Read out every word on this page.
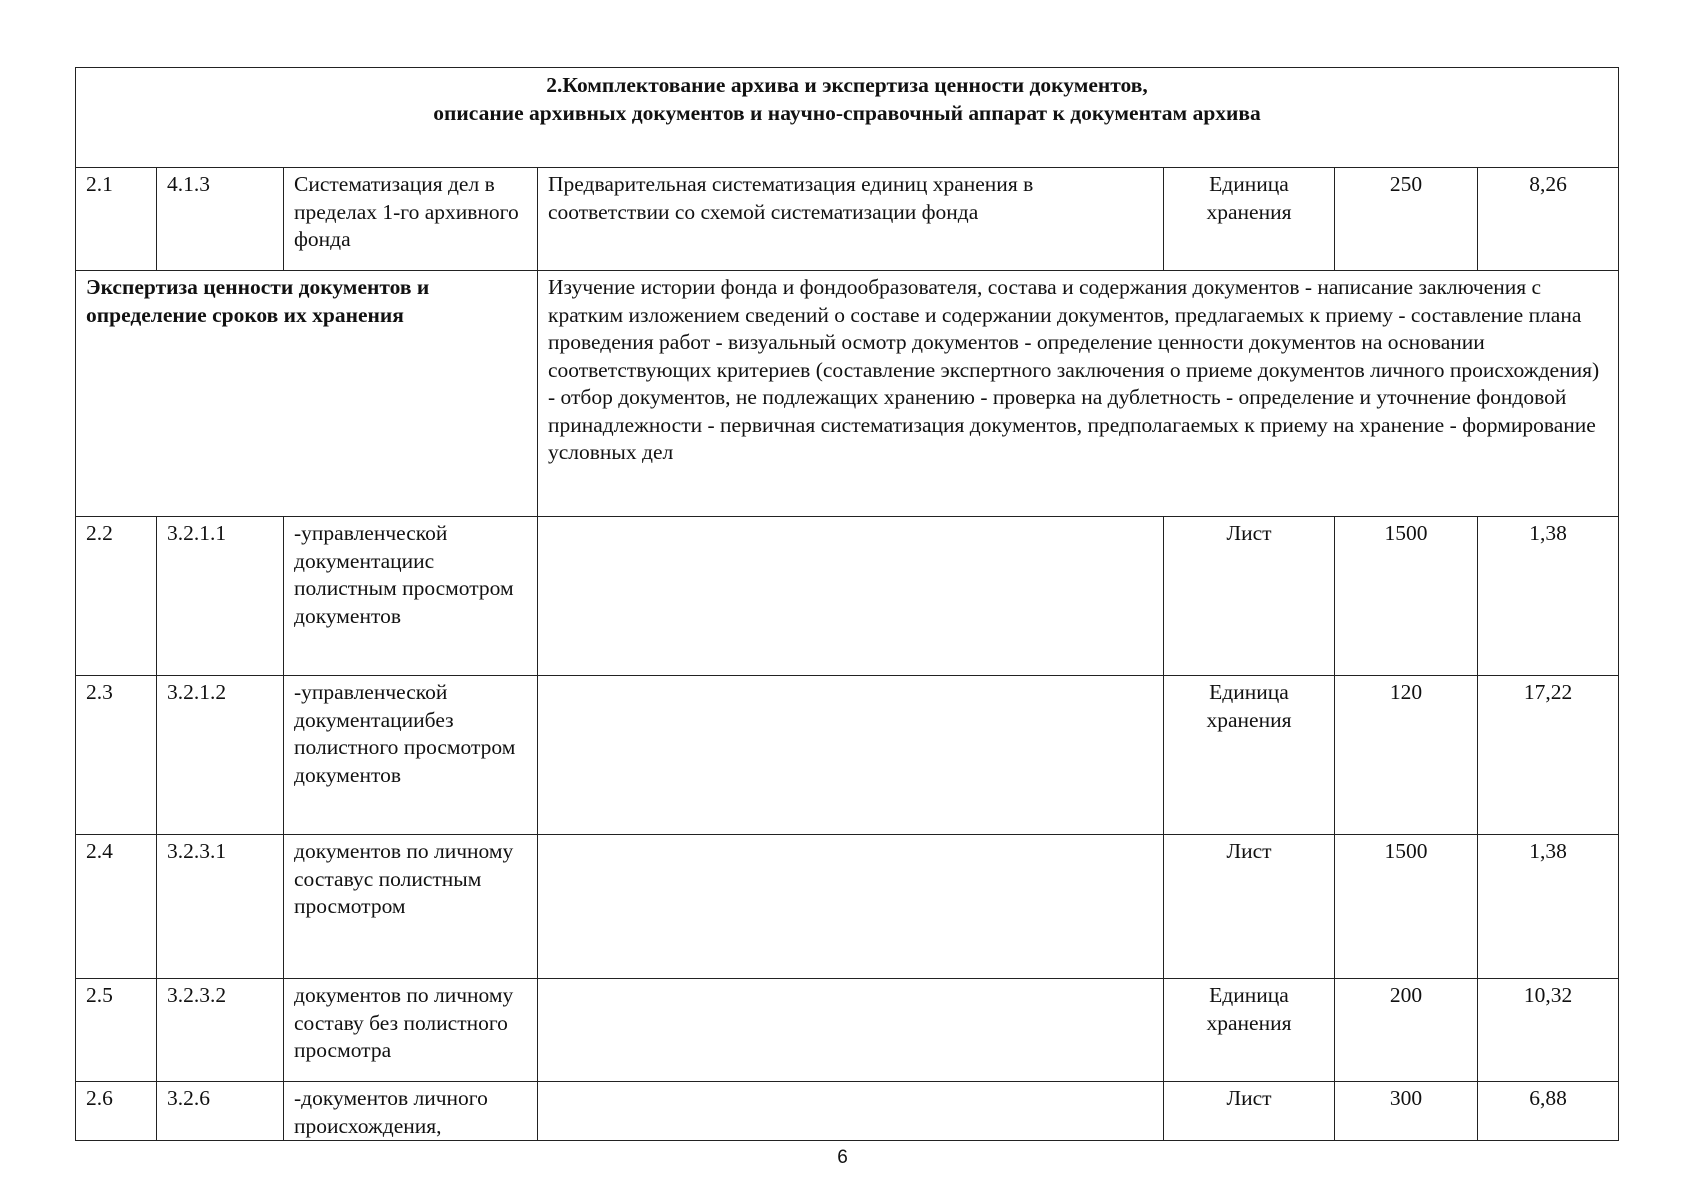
2.Комплектование архива и экспертиза ценности документов,
описание архивных документов и научно-справочный аппарат к документам архива						

2.1	4.1.3	Систематизация дел в пределах 1-го архивного фонда	Предварительная систематизация единиц хранения в соответствии со схемой систематизации фонда	Единица хранения	250	8,26
Экспертиза ценности документов и определение сроков их хранения			Изучение истории фонда и фондообразователя, состава и содержания документов - написание заключения с кратким изложением сведений о составе и содержании документов, предлагаемых к приему - составление плана проведения работ - визуальный осмотр документов - определение ценности документов на основании соответствующих критериев (составление экспертного заключения о приеме документов личного происхождения) - отбор документов, не подлежащих хранению - проверка на дублетность - определение и уточнение фондовой принадлежности - первичная систематизация документов, предполагаемых к приему на хранение - формирование условных дел			
2.2	3.2.1.1	-управленческой документацииc полистным просмотром документов		Лист	1500	1,38
2.3	3.2.1.2	-управленческой документациибез полистного просмотром документов		Единица хранения	120	17,22
2.4	3.2.3.1	документов по личному составуc полистным просмотром		Лист	1500	1,38
2.5	3.2.3.2	документов по личному составу без полистного просмотра		Единица хранения	200	10,32
2.6	3.2.6	-документов личного происхождения,		Лист	300	6,88
6
